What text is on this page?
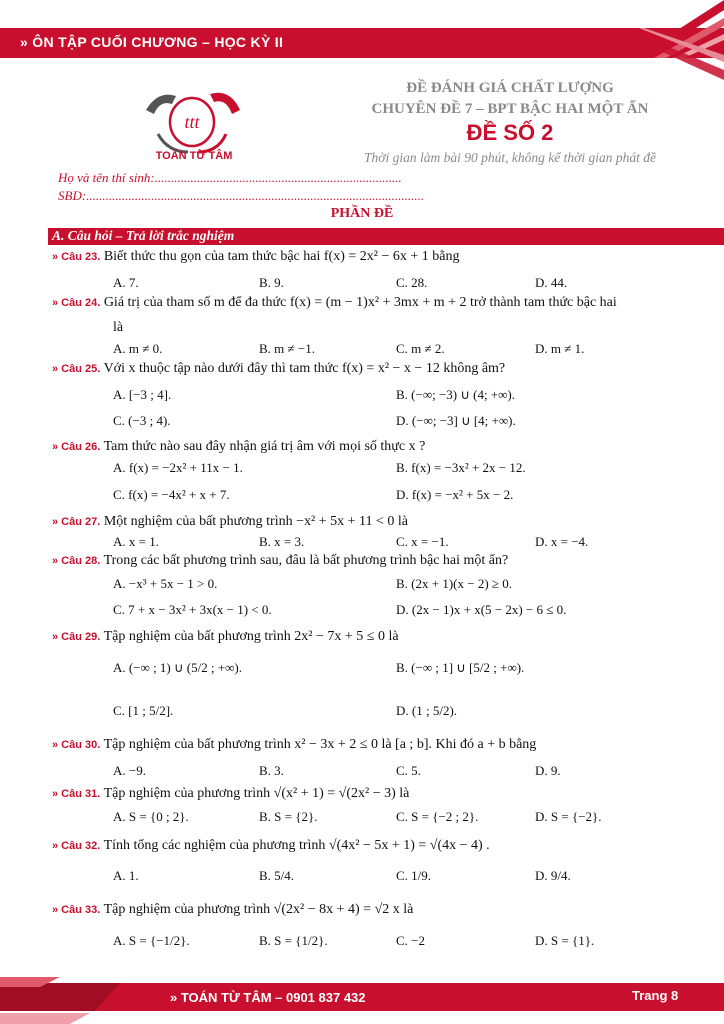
» ÔN TẬP CUỐI CHƯƠNG – HỌC KỲ II
ttt
TOÁN TỪ TÂM
ĐỀ ĐÁNH GIÁ CHẤT LƯỢNG
CHUYÊN ĐỀ 7 – BPT BẬC HAI MỘT ẨN
ĐỀ SỐ 2
Thời gian làm bài 90 phút, không kể thời gian phát đề
Họ và tên thí sinh:............................................................................
SBD:........................................................................................................
PHẦN ĐỀ
A. Câu hỏi – Trả lời trắc nghiệm
» Câu 23. Biết thức thu gọn của tam thức bậc hai f(x) = 2x² − 6x + 1 bằng
A. 7.	B. 9.	C. 28.	D. 44.
» Câu 24. Giá trị của tham số m để đa thức f(x) = (m − 1)x² + 3mx + m + 2 trở thành tam thức bậc hai
là
A. m ≠ 0.	B. m ≠ −1.	C. m ≠ 2.	D. m ≠ 1.
» Câu 25. Với x thuộc tập nào dưới đây thì tam thức f(x) = x² − x − 12 không âm?
A. [−3 ; 4].	B. (−∞; −3) ∪ (4; +∞).
C. (−3 ; 4).	D. (−∞; −3] ∪ [4; +∞).
» Câu 26. Tam thức nào sau đây nhận giá trị âm với mọi số thực x ?
A. f(x) = −2x² + 11x − 1.	B. f(x) = −3x² + 2x − 12.
C. f(x) = −4x² + x + 7.	D. f(x) = −x² + 5x − 2.
» Câu 27. Một nghiệm của bất phương trình −x² + 5x + 11 < 0 là
A. x = 1.	B. x = 3.	C. x = −1.	D. x = −4.
» Câu 28. Trong các bất phương trình sau, đâu là bất phương trình bậc hai một ẩn?
A. −x³ + 5x − 1 > 0.	B. (2x + 1)(x − 2) ≥ 0.
C. 7 + x − 3x² + 3x(x − 1) < 0.	D. (2x − 1)x + x(5 − 2x) − 6 ≤ 0.
» Câu 29. Tập nghiệm của bất phương trình 2x² − 7x + 5 ≤ 0 là
A. (−∞ ; 1) ∪ (5/2 ; +∞).	B. (−∞ ; 1] ∪ [5/2 ; +∞).
C. [1 ; 5/2].	D. (1 ; 5/2).
» Câu 30. Tập nghiệm của bất phương trình x² − 3x + 2 ≤ 0 là [a ; b]. Khi đó a + b bằng
A. −9.	B. 3.	C. 5.	D. 9.
» Câu 31. Tập nghiệm của phương trình √(x² + 1) = √(2x² − 3) là
A. S = {0 ; 2}.	B. S = {2}.	C. S = {−2 ; 2}.	D. S = {−2}.
» Câu 32. Tính tổng các nghiệm của phương trình √(4x² − 5x + 1) = √(4x − 4) .
A. 1.	B. 5/4.	C. 1/9.	D. 9/4.
» Câu 33. Tập nghiệm của phương trình √(2x² − 8x + 4) = √2 x là
A. S = {−1/2}.	B. S = {1/2}.	C. −2	D. S = {1}.
» TOÁN TỪ TÂM – 0901 837 432	Trang 8
